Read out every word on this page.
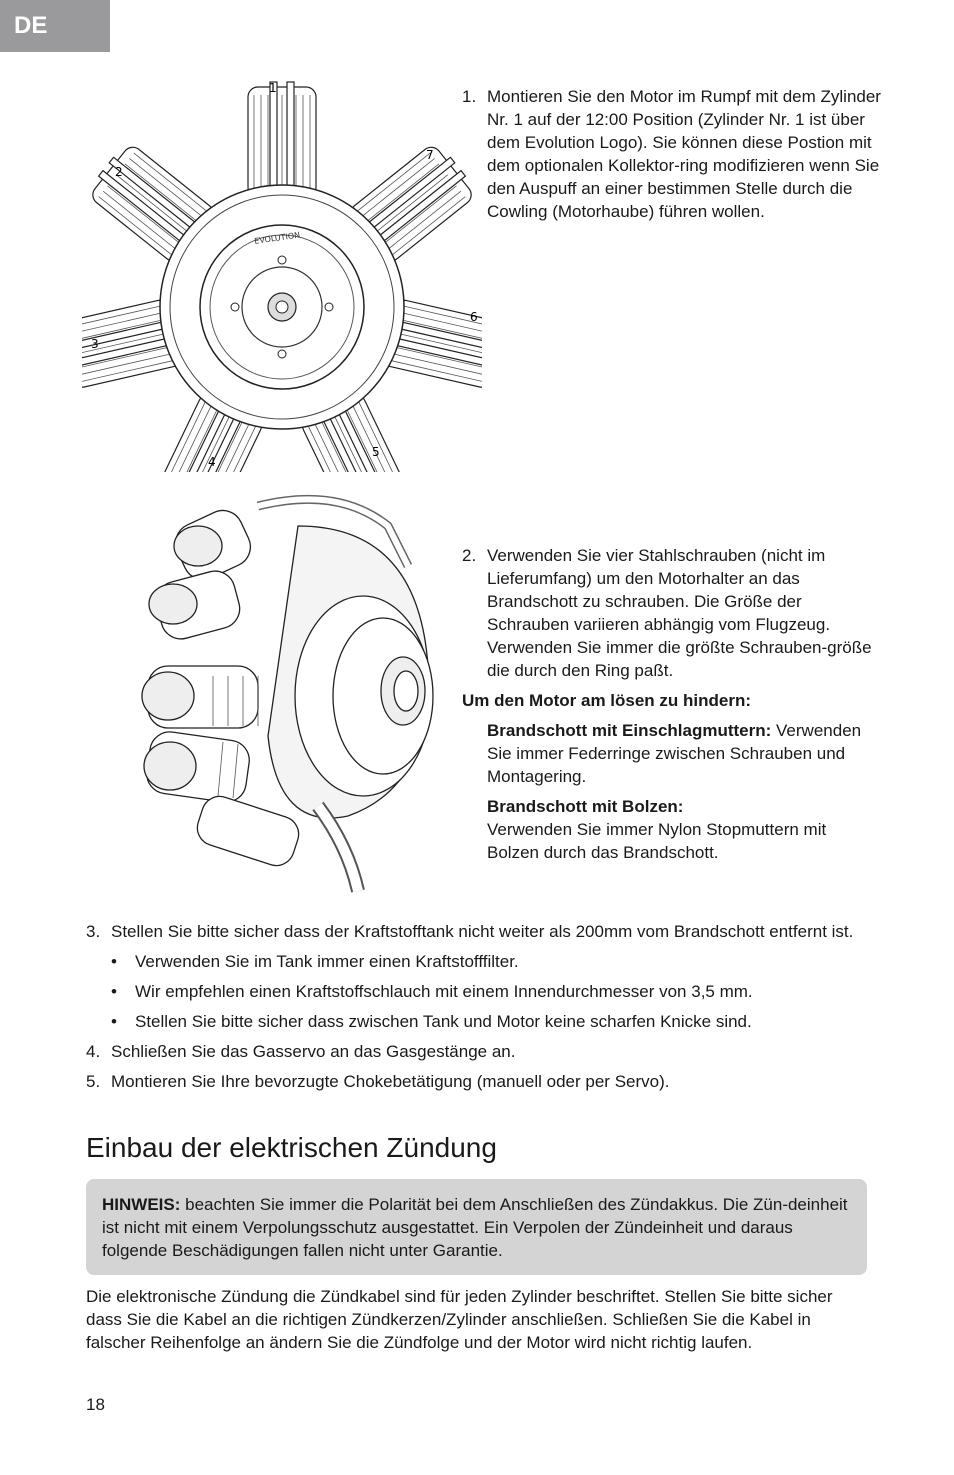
DE
EVOLUTION
1
2
3
4
5
6
7
1. Montieren Sie den Motor im Rumpf mit dem Zylinder Nr. 1 auf der 12:00 Position (Zylinder Nr. 1 ist über dem Evolution Logo). Sie können diese Postion mit dem optionalen Kollektor-ring modifizieren wenn Sie den Auspuff an einer bestimmen Stelle durch die Cowling (Motorhaube) führen wollen.
2. Verwenden Sie vier Stahlschrauben (nicht im Lieferumfang) um den Motorhalter an das Brandschott zu schrauben. Die Größe der Schrauben variieren abhängig vom Flugzeug. Verwenden Sie immer die größte Schrauben-größe die durch den Ring paßt.
Um den Motor am lösen zu hindern:
Brandschott mit Einschlagmuttern: Verwenden Sie immer Federringe zwischen Schrauben und Montagering.
Brandschott mit Bolzen:
Verwenden Sie immer Nylon Stopmuttern mit Bolzen durch das Brandschott.
3. Stellen Sie bitte sicher dass der Kraftstofftank nicht weiter als 200mm vom Brandschott entfernt ist.
•	Verwenden Sie im Tank immer einen Kraftstofffilter.
•	Wir empfehlen einen Kraftstoffschlauch mit einem Innendurchmesser von 3,5 mm.
•	Stellen Sie bitte sicher dass zwischen Tank und Motor keine scharfen Knicke sind.
4. Schließen Sie das Gasservo an das Gasgestänge an.
5. Montieren Sie Ihre bevorzugte Chokebetätigung (manuell oder per Servo).
Einbau der elektrischen Zündung
HINWEIS: beachten Sie immer die Polarität bei dem Anschließen des Zündakkus. Die Zün-deinheit ist nicht mit einem Verpolungsschutz ausgestattet. Ein Verpolen der Zündeinheit und daraus folgende Beschädigungen fallen nicht unter Garantie.
Die elektronische Zündung die Zündkabel sind für jeden Zylinder beschriftet. Stellen Sie bitte sicher dass Sie die Kabel an die richtigen Zündkerzen/Zylinder anschließen. Schließen Sie die Kabel in falscher Reihenfolge an ändern Sie die Zündfolge und der Motor wird nicht richtig laufen.
18
